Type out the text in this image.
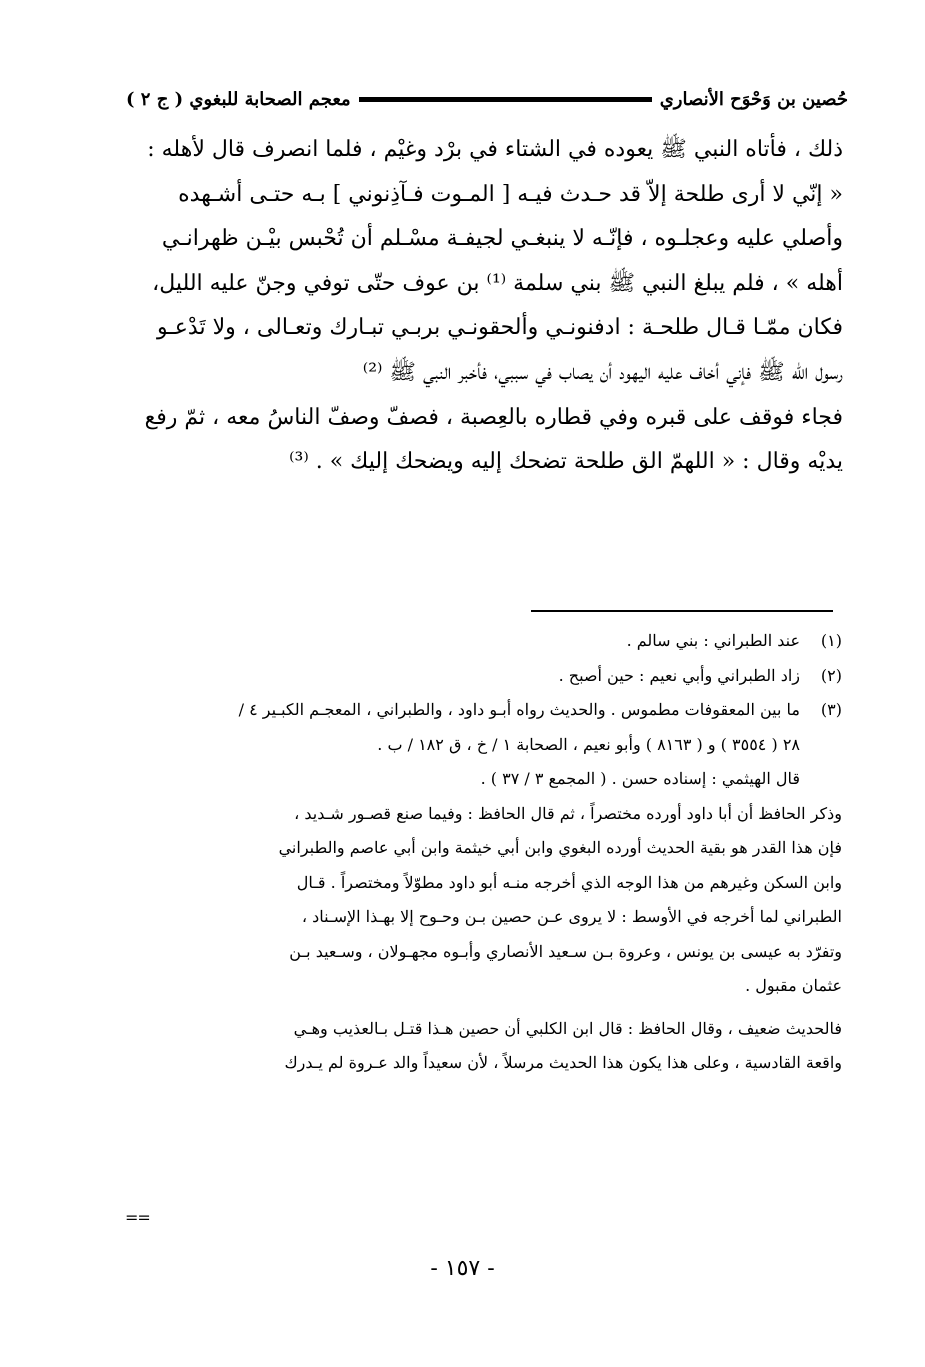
حُصين بن وَحْوَح الأنصاري
معجم الصحابة للبغوي ( ج ٢ )
ذلك ، فأتاه النبي ﷺ يعوده في الشتاء في برْد وغيْم ، فلما انصرف قال لأهله :
« إنّي لا أرى طلحة إلاّ قد حـدث فيـه [ المـوت فـآذِنوني ] بـه حتـى أشـهده
وأصلي عليه وعجلـوه ، فإنّـه لا ينبغـي لجيفـة مسْـلم أن تُحْبس بيْـن ظهرانـي
أهله » ، فلم يبلغ النبي ﷺ بني سلمة ⁽¹⁾ بن عوف حتّى توفي وجنّ عليه الليل،
فكان ممّـا قـال طلحـة : ادفنونـي وألحقونـي بربـي تبـارك وتعـالى ، ولا تَدْعـو
رسول الله ﷺ فإني أخاف عليه اليهود أن يصاب في سببي، فأخبر النبي ﷺ ⁽²⁾
فجاء فوقف على قبره وفي قطاره بالعِصبة ، فصفّ وصفّ الناسُ معه ، ثمّ رفع
يديْه وقال : « اللهمّ الق طلحة تضحك إليه ويضحك إليك » . ⁽³⁾
(١)
عند الطبراني : بني سالم .
(٢)
زاد الطبراني وأبي نعيم : حين أصبح .
(٣)
ما بين المعقوفات مطموس . والحديث رواه أبـو داود ، والطبراني ، المعجـم الكبـير ٤ /
٢٨ ( ٣٥٥٤ ) و ( ٨١٦٣ ) وأبو نعيم ، الصحابة ١ / خ ، ق ١٨٢ / ب .
قال الهيثمي : إسناده حسن . ( المجمع ٣ / ٣٧ ) .
وذكر الحافظ أن أبا داود أورده مختصراً ، ثم قال الحافظ : وفيما صنع قصـور شـديد ،
فإن هذا القدر هو بقية الحديث أورده البغوي وابن أبي خيثمة وابن أبي عاصم والطبراني
وابن السكن وغيرهم من هذا الوجه الذي أخرجه منـه أبو داود مطوّلاً ومختصراً . قـال
الطبراني لما أخرجه في الأوسط : لا يروى عـن حصين بـن وحـوح إلا بهـذا الإسـناد ،
وتفرّد به عيسى بن يونس ، وعروة بـن سـعيد الأنصاري وأبـوه مجهـولان ، وسـعيد بـن
عثمان مقبول .
فالحديث ضعيف ، وقال الحافظ : قال ابن الكلبي أن حصين هـذا قتـل بـالعذيب وهـي
واقعة القادسية ، وعلى هذا يكون هذا الحديث مرسلاً ، لأن سعيداً والد عـروة لم يـدرك
==
- ١٥٧ -
